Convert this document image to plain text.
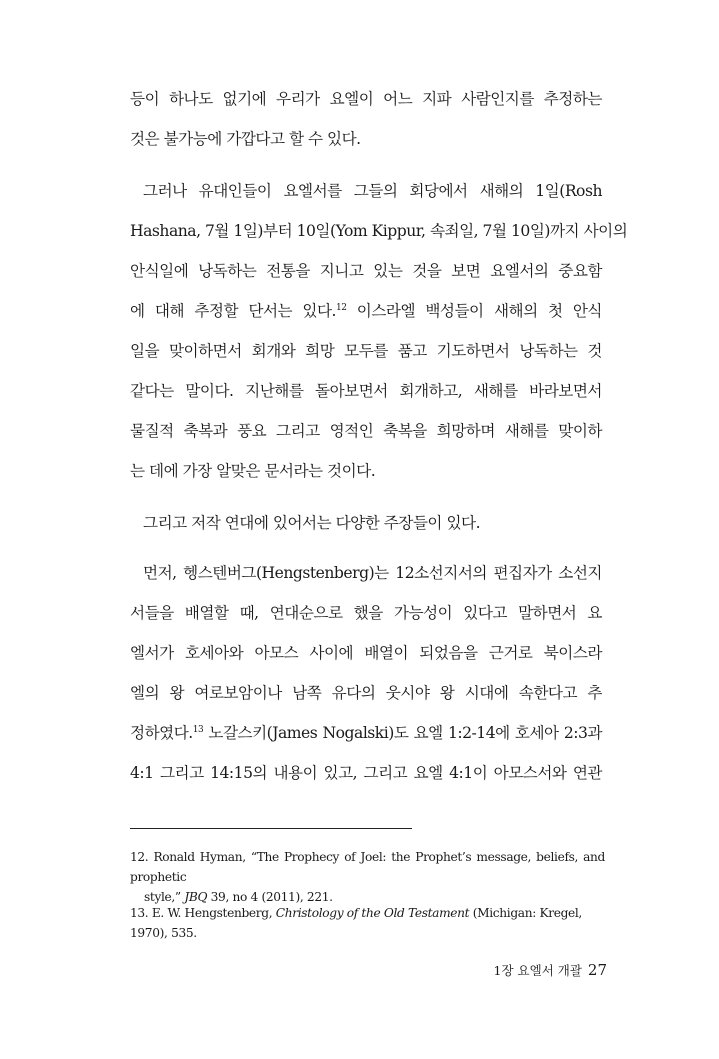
등이 하나도 없기에 우리가 요엘이 어느 지파 사람인지를 추정하는
것은 불가능에 가깝다고 할 수 있다.
그러나 유대인들이 요엘서를 그들의 회당에서 새해의 1일(Rosh
Hashana, 7월 1일)부터 10일(Yom Kippur, 속죄일, 7월 10일)까지 사이의
안식일에 낭독하는 전통을 지니고 있는 것을 보면 요엘서의 중요함
에 대해 추정할 단서는 있다.$^{12}$ 이스라엘 백성들이 새해의 첫 안식
일을 맞이하면서 회개와 희망 모두를 품고 기도하면서 낭독하는 것
같다는 말이다. 지난해를 돌아보면서 회개하고, 새해를 바라보면서
물질적 축복과 풍요 그리고 영적인 축복을 희망하며 새해를 맞이하
는 데에 가장 알맞은 문서라는 것이다.
그리고 저작 연대에 있어서는 다양한 주장들이 있다.
먼저, 헹스텐버그(Hengstenberg)는 12소선지서의 편집자가 소선지
서들을 배열할 때, 연대순으로 했을 가능성이 있다고 말하면서 요
엘서가 호세아와 아모스 사이에 배열이 되었음을 근거로 북이스라
엘의 왕 여로보암이나 남쪽 유다의 웃시야 왕 시대에 속한다고 추
정하였다.$^{13}$ 노갈스키(James Nogalski)도 요엘 1:2-14에 호세아 2:3과
4:1 그리고 14:15의 내용이 있고, 그리고 요엘 4:1이 아모스서와 연관
12. Ronald Hyman, “The Prophecy of Joel: the Prophet’s message, beliefs, and prophetic
style,” JBQ 39, no 4 (2011), 221.
13. E. W. Hengstenberg, Christology of the Old Testament (Michigan: Kregel, 1970), 535.
1장 요엘서 개괄 27
